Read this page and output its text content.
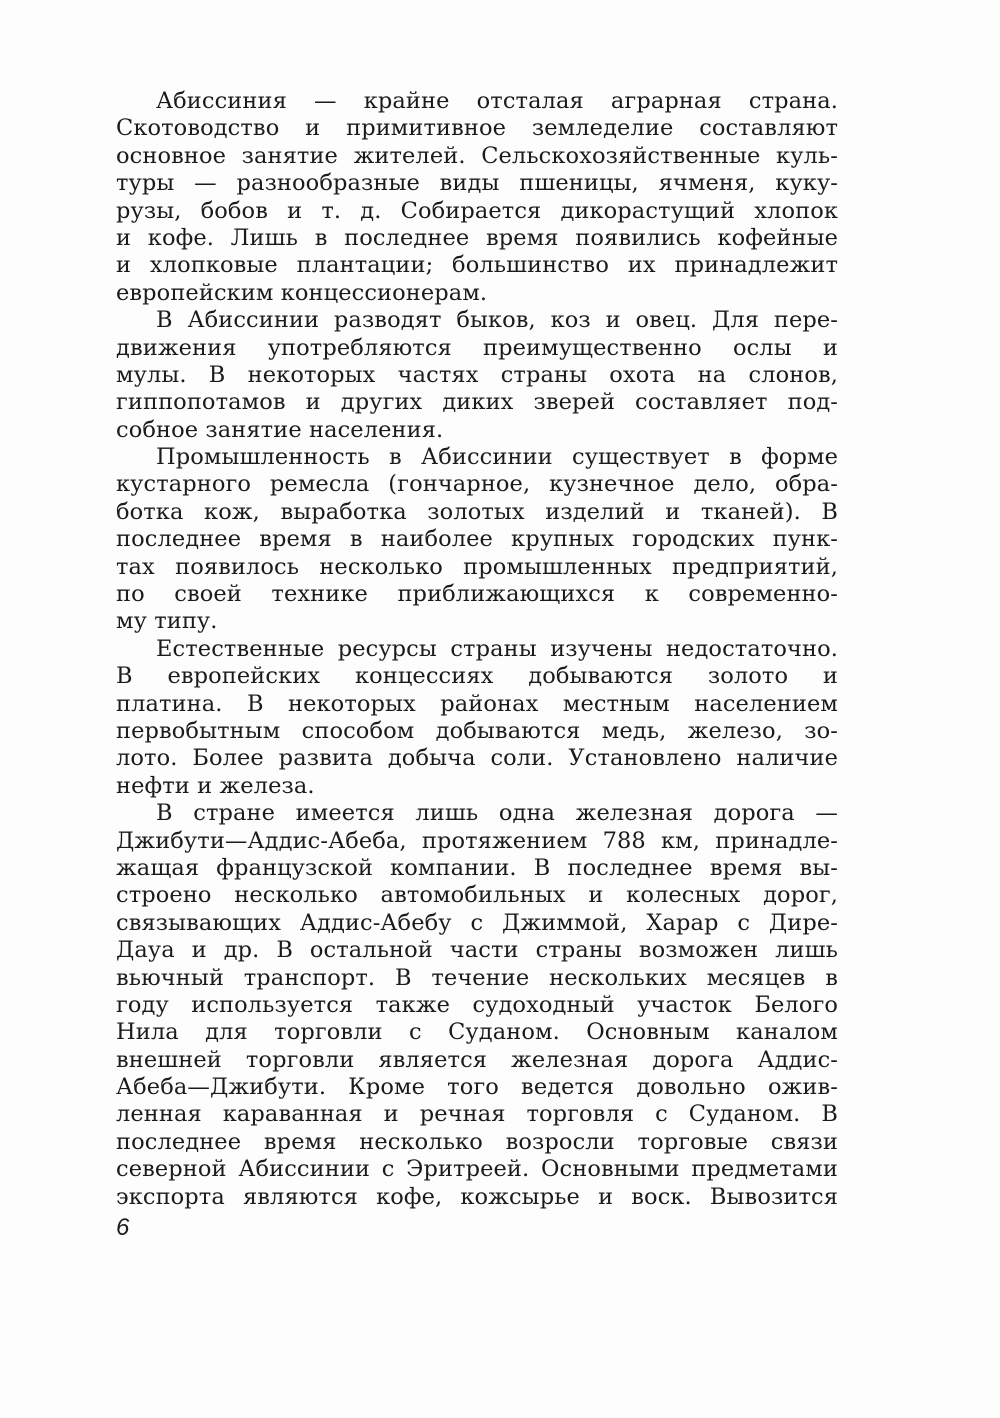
Абиссиния — крайне отсталая аграрная страна.
Скотоводство и примитивное земледелие составляют
основное занятие жителей. Сельскохозяйственные куль-
туры — разнообразные виды пшеницы, ячменя, куку-
рузы, бобов и т. д. Собирается дикорастущий хлопок
и кофе. Лишь в последнее время появились кофейные
и хлопковые плантации; большинство их принадлежит
европейским концессионерам.
В Абиссинии разводят быков, коз и овец. Для пере-
движения употребляются преимущественно ослы и
мулы. В некоторых частях страны охота на слонов,
гиппопотамов и других диких зверей составляет под-
собное занятие населения.
Промышленность в Абиссинии существует в форме
кустарного ремесла (гончарное, кузнечное дело, обра-
ботка кож, выработка золотых изделий и тканей). В
последнее время в наиболее крупных городских пунк-
тах появилось несколько промышленных предприятий,
по своей технике приближающихся к современно-
му типу.
Естественные ресурсы страны изучены недостаточно.
В европейских концессиях добываются золото и
платина. В некоторых районах местным населением
первобытным способом добываются медь, железо, зо-
лото. Более развита добыча соли. Установлено наличие
нефти и железа.
В стране имеется лишь одна железная дорога —
Джибути—Аддис-Абеба, протяжением 788 км, принадле-
жащая французской компании. В последнее время вы-
строено несколько автомобильных и колесных дорог,
связывающих Аддис-Абебу с Джиммой, Харар с Дире-
Дауа и др. В остальной части страны возможен лишь
вьючный транспорт. В течение нескольких месяцев в
году используется также судоходный участок Белого
Нила для торговли с Суданом. Основным каналом
внешней торговли является железная дорога Аддис-
Абеба—Джибути. Кроме того ведется довольно ожив-
ленная караванная и речная торговля с Суданом. В
последнее время несколько возросли торговые связи
северной Абиссинии с Эритреей. Основными предметами
экспорта являются кофе, кожсырье и воск. Вывозится
6
